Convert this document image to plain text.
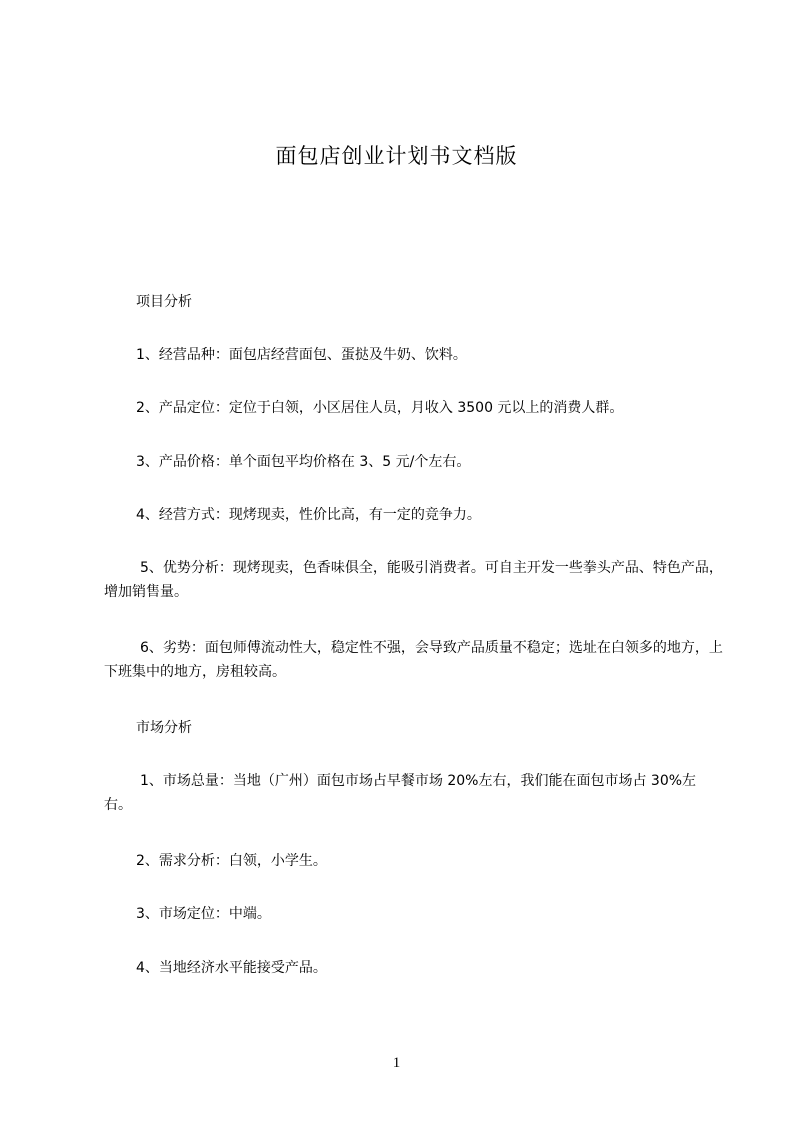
面包店创业计划书文档版

项目分析

1、经营品种：面包店经营面包、蛋挞及牛奶、饮料。

2、产品定位：定位于白领，小区居住人员，月收入 3500 元以上的消费人群。

3、产品价格：单个面包平均价格在 3、5 元/个左右。

4、经营方式：现烤现卖，性价比高，有一定的竞争力。

5、优势分析：现烤现卖，色香味俱全，能吸引消费者。可自主开发一些拳头产品、特色产品，增加销售量。

6、劣势：面包师傅流动性大，稳定性不强，会导致产品质量不稳定；选址在白领多的地方，上下班集中的地方，房租较高。

市场分析

1、市场总量：当地（广州）面包市场占早餐市场 20%左右，我们能在面包市场占 30%左右。

2、需求分析：白领，小学生。

3、市场定位：中端。

4、当地经济水平能接受产品。

1
